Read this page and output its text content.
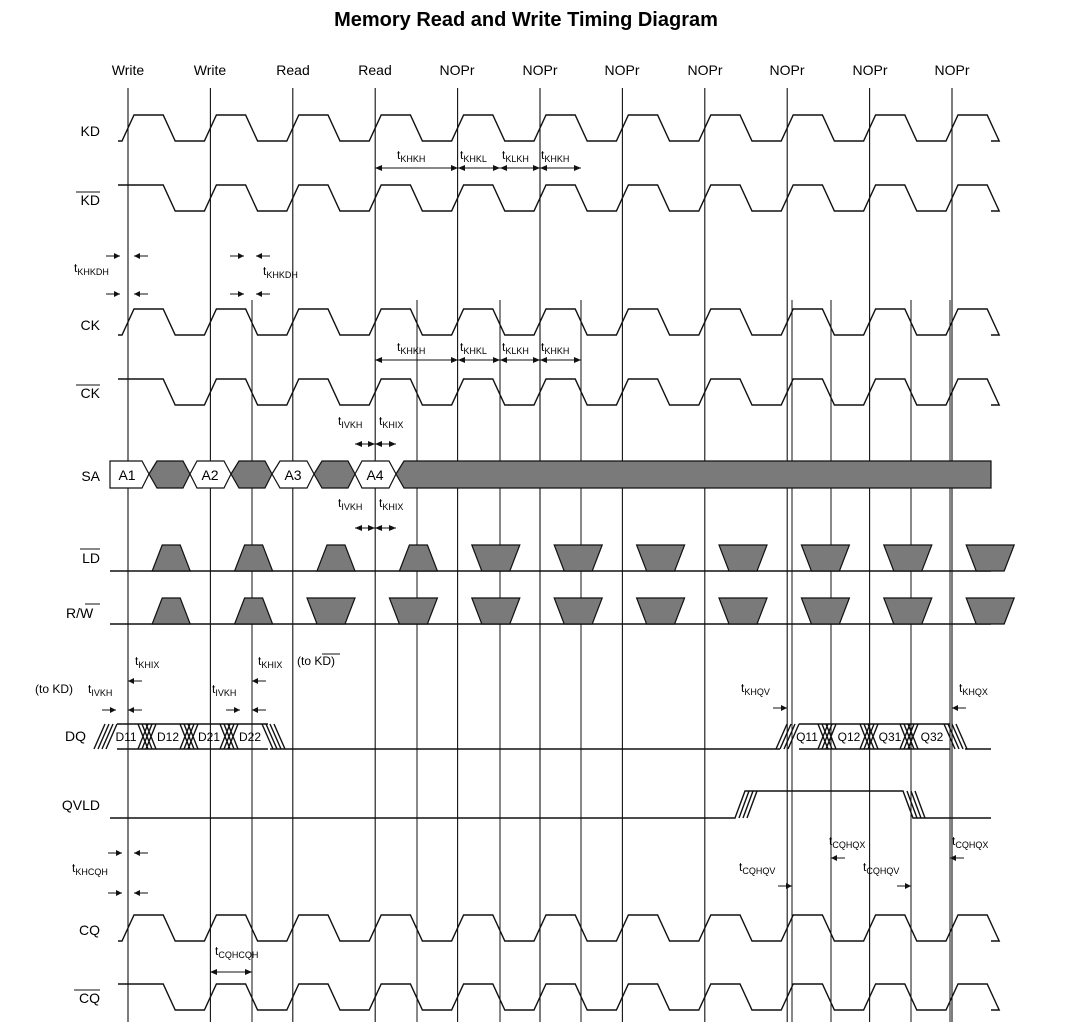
Memory Read and Write Timing Diagram
Write	Write	Read	Read	NOPr	NOPr	NOPr	NOPr	NOPr	NOPr	NOPr
KD
KD
CK
CK
SA
LD
R/W
DQ
QVLD
CQ
CQ
A1	A2	A3	A4
D11 D12 D21 D22	Q11 Q12 Q31 Q32
$t_{KHKH}$	$t_{KHKL}$ $t_{KLKH}$ $t_{KHKH}$
$t_{KHKH}$	$t_{KHKL}$ $t_{KLKH}$ $t_{KHKH}$
$t_{KHKDH}$	$t_{KHKDH}$
$t_{IVKH}$ $t_{KHIX}$
$t_{IVKH}$ $t_{KHIX}$
$t_{KHIX}$
(to KD) $t_{IVKH}$
$t_{KHIX}$ (to KD)
$t_{IVKH}$	$t_{KHQV}$	$t_{KHQX}$
$t_{KHCQH}$
$t_{CQHQX}$	$t_{CQHQX}$
$t_{CQHQV}$	$t_{CQHQV}$
$t_{CQHCQH}$
